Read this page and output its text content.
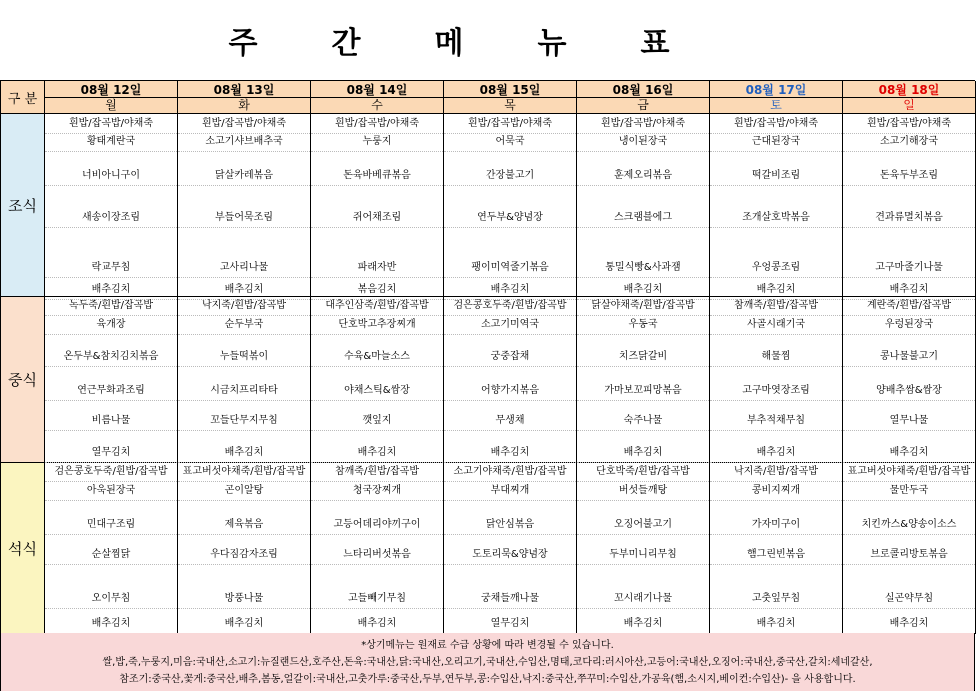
주 간 메 뉴 표
구 분
08월 12일
월
08월 13일
화
08월 14일
수
08월 15일
목
08월 16일
금
08월 17일
토
08월 18일
일
조식
흰밥/잡곡밥/야채죽
황태계란국
너비아니구이
새송이장조림
락교무침
배추김치
흰밥/잡곡밥/야채죽
소고기샤브배추국
닭살카레볶음
부들어묵조림
고사리나물
배추김치
흰밥/잡곡밥/야채죽
누룽지
돈육바베큐볶음
쥐어채조림
파래자반
볶음김치
흰밥/잡곡밥/야채죽
어묵국
간장불고기
연두부&양념장
팽이미역줄기볶음
배추김치
흰밥/잡곡밥/야채죽
냉이된장국
훈제오리볶음
스크램블에그
통밀식빵&사과잼
배추김치
흰밥/잡곡밥/야채죽
근대된장국
떡갈비조림
조개살호박볶음
우엉콩조림
배추김치
흰밥/잡곡밥/야채죽
소고기해장국
돈육두부조림
견과류멸치볶음
고구마줄기나물
배추김치
중식
녹두죽/흰밥/잡곡밥
육개장
온두부&참치김치볶음
연근무화과조림
비름나물
열무김치
낙지죽/흰밥/잡곡밥
순두부국
누들떡볶이
시금치프리타타
꼬들단무지무침
배추김치
대추인삼죽/흰밥/잡곡밥
단호박고추장찌개
수육&마늘소스
야채스틱&쌈장
깻잎지
배추김치
검은콩호두죽/흰밥/잡곡밥
소고기미역국
궁중잡채
어향가지볶음
무생채
배추김치
닭살야채죽/흰밥/잡곡밥
우동국
치즈닭갈비
가마보꼬피망볶음
숙주나물
배추김치
참깨죽/흰밥/잡곡밥
사골시래기국
해물찜
고구마엿장조림
부추적채무침
배추김치
계란죽/흰밥/잡곡밥
우렁된장국
콩나물불고기
양배추쌈&쌈장
열무나물
배추김치
석식
검은콩호두죽/흰밥/잡곡밥
아욱된장국
민대구조림
순살찜닭
오이무침
배추김치
표고버섯야채죽/흰밥/잡곡밥
곤이알탕
제육볶음
우다짐감자조림
방풍나물
배추김치
참깨죽/흰밥/잡곡밥
청국장찌개
고등어데리야끼구이
느타리버섯볶음
고들빼기무침
배추김치
소고기야채죽/흰밥/잡곡밥
부대찌개
닭안심볶음
도토리묵&양념장
궁채들깨나물
열무김치
단호박죽/흰밥/잡곡밥
버섯들깨탕
오징어불고기
두부미니리무침
꼬시래기나물
배추김치
낙지죽/흰밥/잡곡밥
콩비지찌개
가자미구이
햄그린빈볶음
고춧잎무침
배추김치
표고버섯야채죽/흰밥/잡곡밥
물만두국
치킨까스&양송이소스
브로콜리방토볶음
실곤약무침
배추김치
*상기메뉴는 원재료 수급 상황에 따라 변경될 수 있습니다.
쌀,밥,죽,누룽지,미음:국내산,소고기:뉴질랜드산,호주산,돈육:국내산,닭:국내산,오리고기,국내산,수입산,명태,코다리:러시아산,고등어:국내산,오징어:국내산,중국산,갈치:세네갈산,
참조기:중국산,꽃게:중국산,배추,봄동,얼갈이:국내산,고춧가루:중국산,두부,연두부,콩:수입산,낙지:중국산,쭈꾸미:수입산,가공육(햄,소시지,베이컨:수입산)- 을 사용합니다.
